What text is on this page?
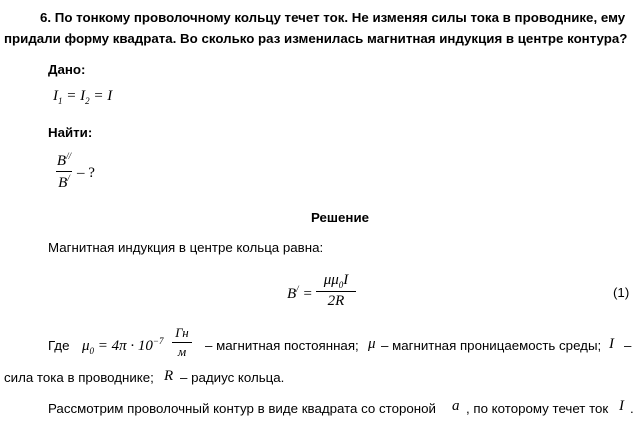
6. По тонкому проволочному кольцу течет ток. Не изменяя силы тока в проводнике, ему
придали форму квадрата. Во сколько раз изменилась магнитная индукция в центре контура?
Дано:
$I_1 = I_2 = I$
Найти:
B//
B/ – ?
Решение
Магнитная индукция в центре кольца равна:
B/ =
$\mu\mu_0I$
2R
(1)
Где $\mu_0 = 4\pi \cdot 10^{-7}$
Гн
м	– магнитная постоянная; μ – магнитная проницаемость среды; I –
сила тока в проводнике; R – радиус кольца.
Рассмотрим проволочный контур в виде квадрата со стороной a , по которому течет ток I .
